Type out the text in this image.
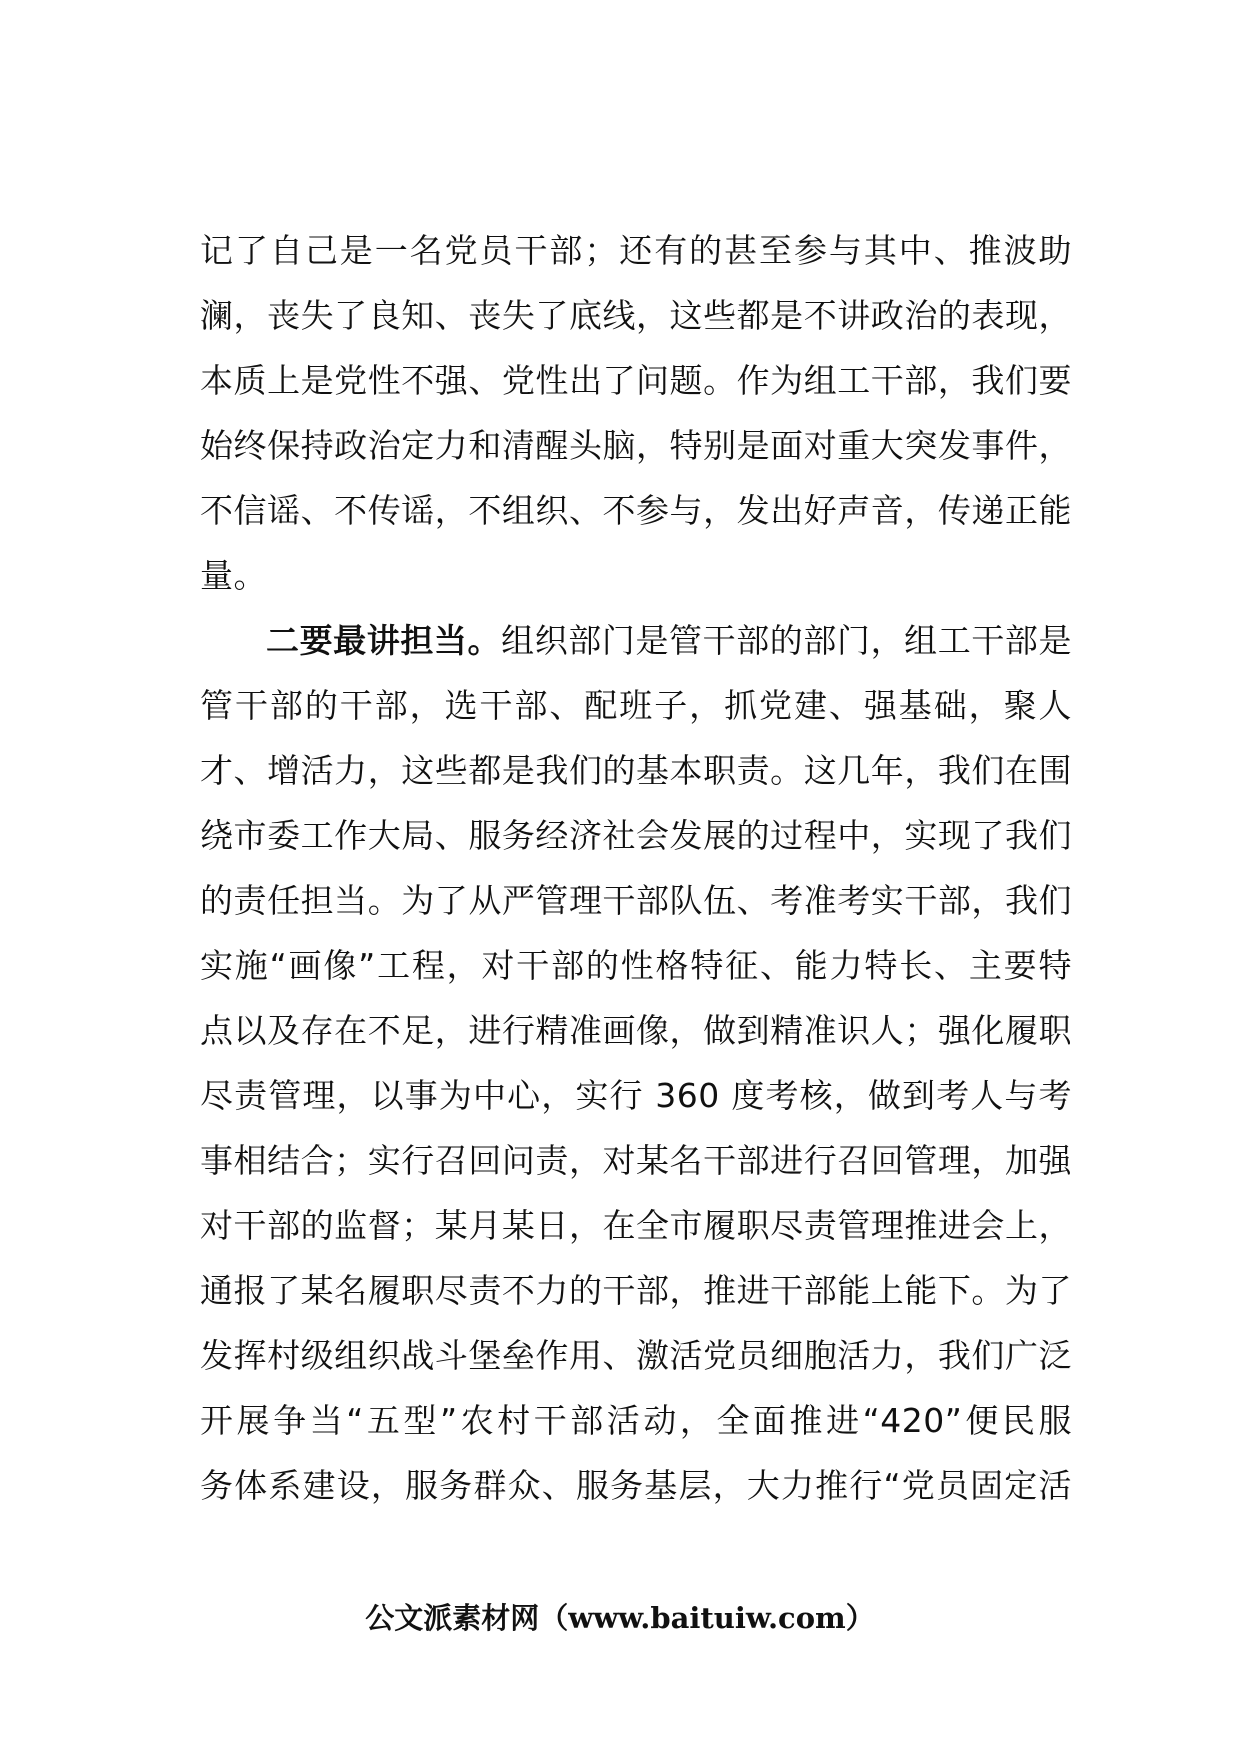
记了自己是一名党员干部；还有的甚至参与其中、推波助
澜，丧失了良知、丧失了底线，这些都是不讲政治的表现，
本质上是党性不强、党性出了问题。作为组工干部，我们要
始终保持政治定力和清醒头脑，特别是面对重大突发事件，
不信谣、不传谣，不组织、不参与，发出好声音，传递正能
量。
二要最讲担当。组织部门是管干部的部门，组工干部是
管干部的干部，选干部、配班子，抓党建、强基础，聚人
才、增活力，这些都是我们的基本职责。这几年，我们在围
绕市委工作大局、服务经济社会发展的过程中，实现了我们
的责任担当。为了从严管理干部队伍、考准考实干部，我们
实施“画像”工程，对干部的性格特征、能力特长、主要特
点以及存在不足，进行精准画像，做到精准识人；强化履职
尽责管理，以事为中心，实行 360 度考核，做到考人与考
事相结合；实行召回问责，对某名干部进行召回管理，加强
对干部的监督；某月某日，在全市履职尽责管理推进会上，
通报了某名履职尽责不力的干部，推进干部能上能下。为了
发挥村级组织战斗堡垒作用、激活党员细胞活力，我们广泛
开展争当“五型”农村干部活动，全面推进“420”便民服
务体系建设，服务群众、服务基层，大力推行“党员固定活
公文派素材网（www.baituiw.com）
